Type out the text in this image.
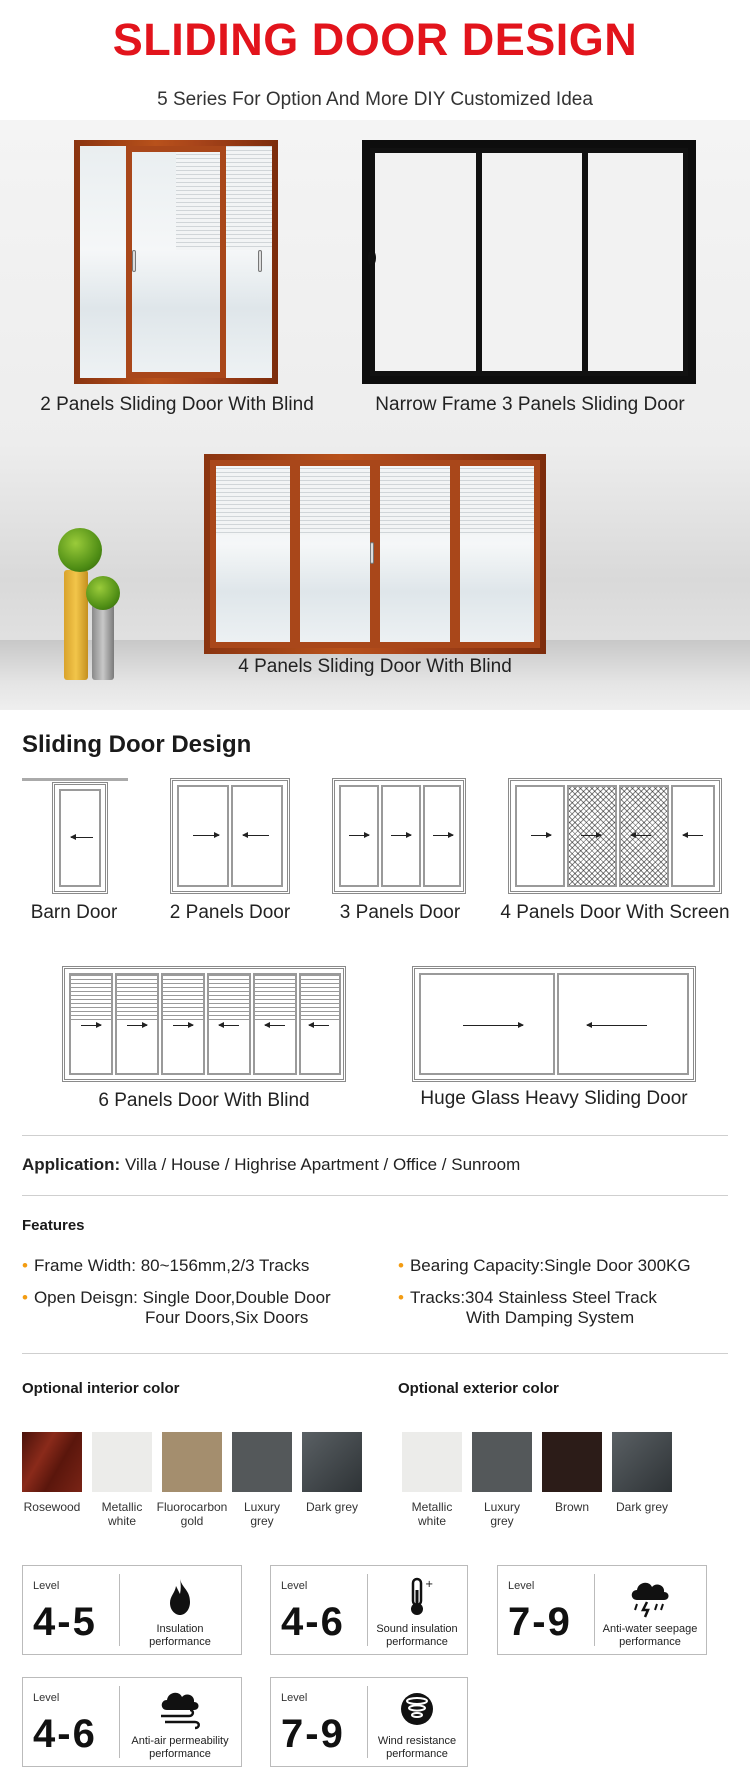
SLIDING DOOR DESIGN
5 Series For Option And More DIY Customized Idea
2 Panels Sliding Door With Blind	Narrow Frame 3 Panels Sliding Door
4 Panels Sliding Door With Blind
Sliding Door Design
Barn Door	2 Panels Door	3 Panels Door	4 Panels Door With Screen
6 Panels Door With Blind	Huge Glass Heavy Sliding Door
Application: Villa / House / Highrise Apartment / Office / Sunroom
Features
• Frame Width: 80~156mm,2/3 Tracks	• Bearing Capacity:Single Door 300KG
• Open Deisgn: Single Door,Double Door
Four Doors,Six Doors
• Tracks:304 Stainless Steel Track
With Damping System
Optional interior color	Optional exterior color
Rosewood	Metallic
white
Fluorocarbon
gold
Luxury
grey
Dark grey	Metallic
white
Luxury
grey
Brown	Dark grey
Level
4-5	Insulation
performance
Level
4-6
+
Sound insulation
performance
Level
7-9	Anti-water seepage
performance
Level
4-6	Anti-air permeability
performance
Level
7-9	Wind resistance
performance
